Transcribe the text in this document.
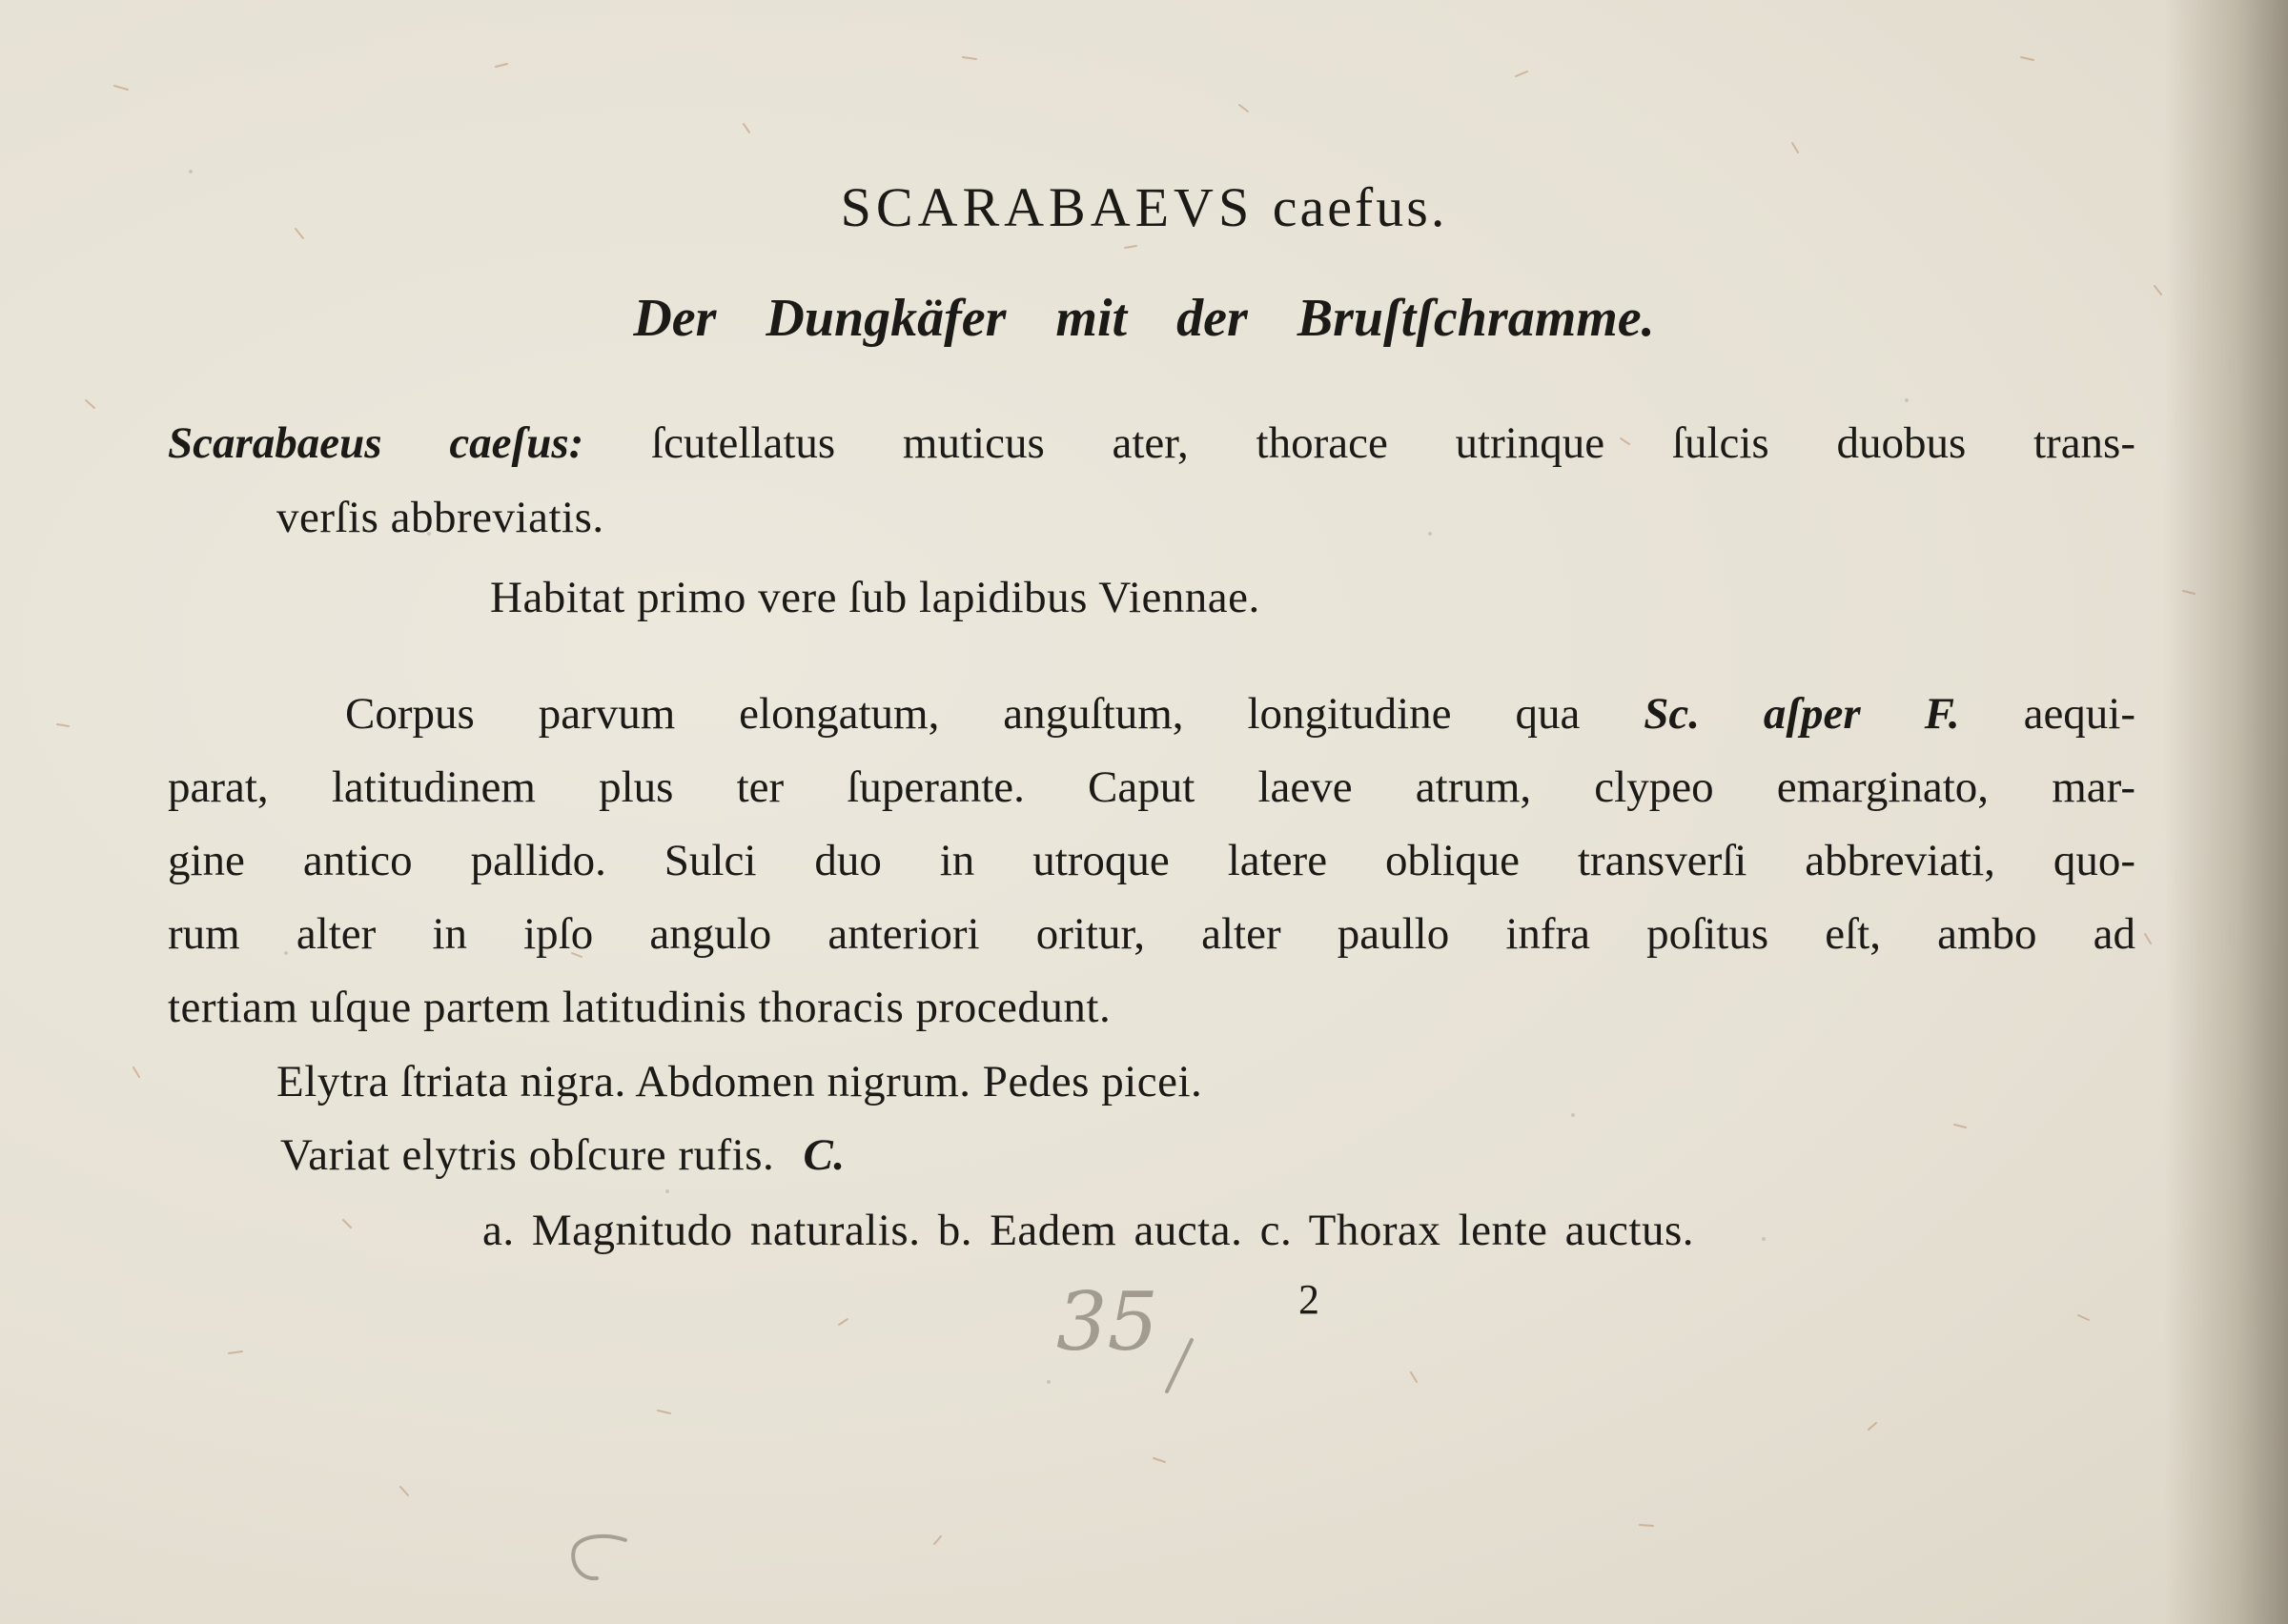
SCARABAEVS caefus.
Der Dungkäfer mit der Bruſtſchramme.
Scarabaeus caeſus: ſcutellatus muticus ater, thorace utrinque ſulcis duobus trans-
verſis abbreviatis.
Habitat primo vere ſub lapidibus Viennae.
Corpus parvum elongatum, anguſtum, longitudine qua Sc. aſper F. aequi-
parat, latitudinem plus ter ſuperante. Caput laeve atrum, clypeo emarginato, mar-
gine antico pallido. Sulci duo in utroque latere oblique transverſi abbreviati, quo-
rum alter in ipſo angulo anteriori oritur, alter paullo infra poſitus eſt, ambo ad
tertiam uſque partem latitudinis thoracis procedunt.
Elytra ſtriata nigra. Abdomen nigrum. Pedes picei.
Variat elytris obſcure rufis. C.
a. Magnitudo naturalis. b. Eadem aucta. c. Thorax lente auctus.
2
35
